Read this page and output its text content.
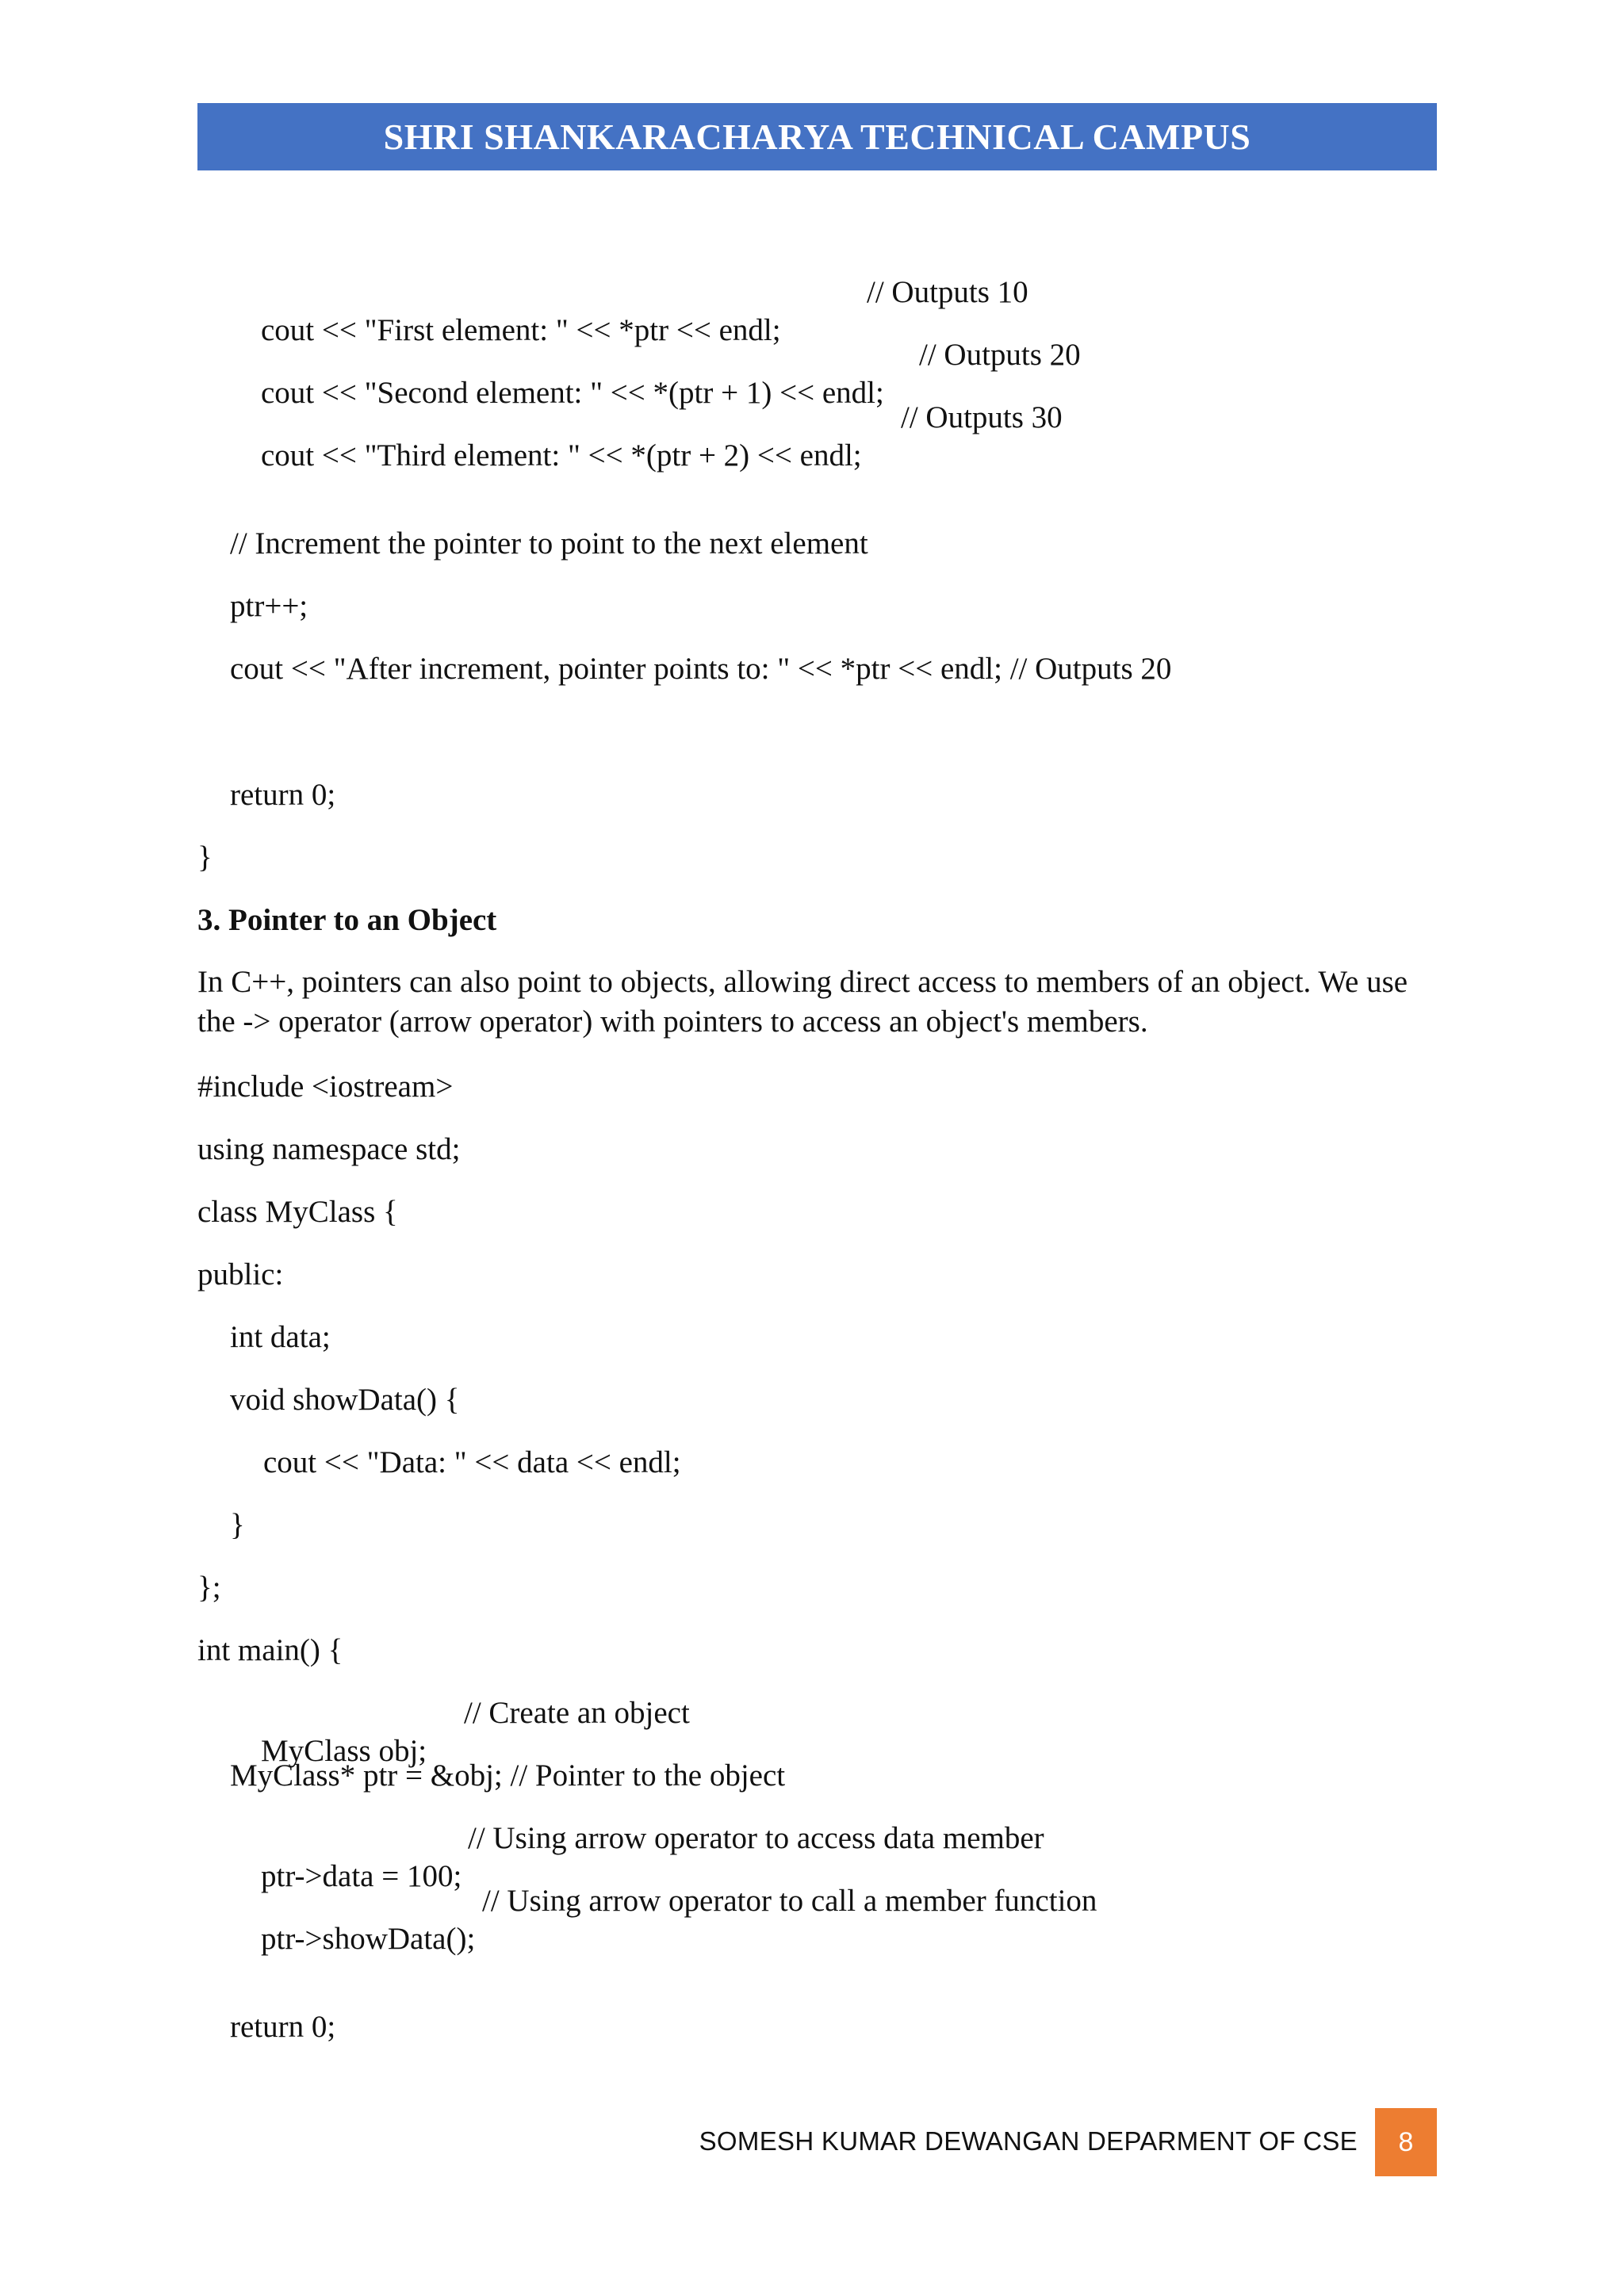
SHRI SHANKARACHARYA TECHNICAL CAMPUS

cout << "First element: " << *ptr << endl;

// Outputs 10

cout << "Second element: " << *(ptr + 1) << endl;

// Outputs 20

cout << "Third element: " << *(ptr + 2) << endl;

// Outputs 30

// Increment the pointer to point to the next element
ptr++;
cout << "After increment, pointer points to: " << *ptr << endl; // Outputs 20
return 0;
}
3. Pointer to an Object
In C++, pointers can also point to objects, allowing direct access to members of an object. We use the -> operator (arrow operator) with pointers to access an object's members.
#include <iostream>
using namespace std;
class MyClass {
public:
int data;
void showData() {
cout << "Data: " << data << endl;
}
};
int main() {

MyClass obj;

// Create an object

MyClass* ptr = &obj; // Pointer to the object

ptr->data = 100;

// Using arrow operator to access data member

ptr->showData();

// Using arrow operator to call a member function

return 0;
SOMESH KUMAR DEWANGAN DEPARMENT OF CSE 8
